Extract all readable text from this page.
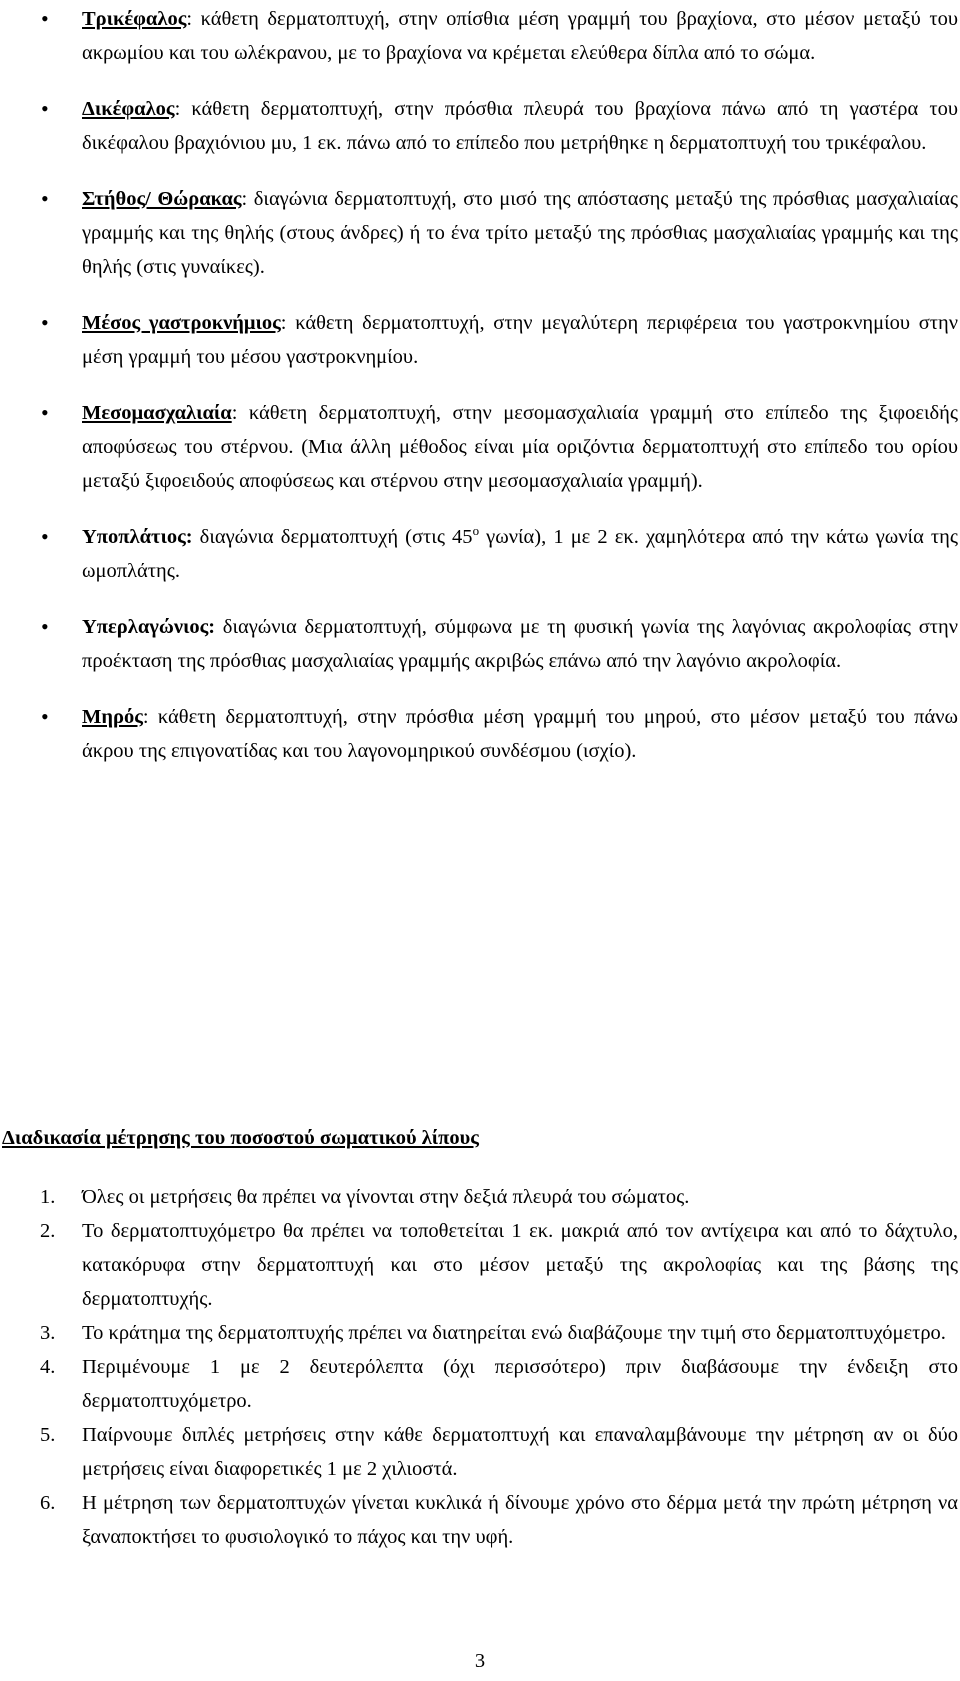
• Τρικέφαλος: κάθετη δερματοπτυχή, στην οπίσθια μέση γραμμή του βραχίονα, στο μέσον μεταξύ του ακρωμίου και του ωλέκρανου, με το βραχίονα να κρέμεται ελεύθερα δίπλα από το σώμα.
• Δικέφαλος: κάθετη δερματοπτυχή, στην πρόσθια πλευρά του βραχίονα πάνω από τη γαστέρα του δικέφαλου βραχιόνιου μυ, 1 εκ. πάνω από το επίπεδο που μετρήθηκε η δερματοπτυχή του τρικέφαλου.
• Στήθος/ Θώρακας: διαγώνια δερματοπτυχή, στο μισό της απόστασης μεταξύ της πρόσθιας μασχαλιαίας γραμμής και της θηλής (στους άνδρες) ή το ένα τρίτο μεταξύ της πρόσθιας μασχαλιαίας γραμμής και της θηλής (στις γυναίκες).
• Μέσος γαστροκνήμιος: κάθετη δερματοπτυχή, στην μεγαλύτερη περιφέρεια του γαστροκνημίου στην μέση γραμμή του μέσου γαστροκνημίου.
• Μεσομασχαλιαία: κάθετη δερματοπτυχή, στην μεσομασχαλιαία γραμμή στο επίπεδο της ξιφοειδής αποφύσεως του στέρνου. (Μια άλλη μέθοδος είναι μία οριζόντια δερματοπτυχή στο επίπεδο του ορίου μεταξύ ξιφοειδούς αποφύσεως και στέρνου στην μεσομασχαλιαία γραμμή).
• Υποπλάτιος: διαγώνια δερματοπτυχή (στις $45^o$ γωνία), 1 με 2 εκ. χαμηλότερα από την κάτω γωνία της ωμοπλάτης.
• Υπερλαγώνιος: διαγώνια δερματοπτυχή, σύμφωνα με τη φυσική γωνία της λαγόνιας ακρολοφίας στην προέκταση της πρόσθιας μασχαλιαίας γραμμής ακριβώς επάνω από την λαγόνιο ακρολοφία.
• Μηρός: κάθετη δερματοπτυχή, στην πρόσθια μέση γραμμή του μηρού, στο μέσον μεταξύ του πάνω άκρου της επιγονατίδας και του λαγονομηρικού συνδέσμου (ισχίο).
Διαδικασία μέτρησης του ποσοστού σωματικού λίπους
1. Όλες οι μετρήσεις θα πρέπει να γίνονται στην δεξιά πλευρά του σώματος.
2. Το δερματοπτυχόμετρο θα πρέπει να τοποθετείται 1 εκ. μακριά από τον αντίχειρα και από το δάχτυλο, κατακόρυφα στην δερματοπτυχή και στο μέσον μεταξύ της ακρολοφίας και της βάσης της δερματοπτυχής.
3. Το κράτημα της δερματοπτυχής πρέπει να διατηρείται ενώ διαβάζουμε την τιμή στο δερματοπτυχόμετρο.
4. Περιμένουμε 1 με 2 δευτερόλεπτα (όχι περισσότερο) πριν διαβάσουμε την ένδειξη στο δερματοπτυχόμετρο.
5. Παίρνουμε διπλές μετρήσεις στην κάθε δερματοπτυχή και επαναλαμβάνουμε την μέτρηση αν οι δύο μετρήσεις είναι διαφορετικές 1 με 2 χιλιοστά.
6. Η μέτρηση των δερματοπτυχών γίνεται κυκλικά ή δίνουμε χρόνο στο δέρμα μετά την πρώτη μέτρηση να ξαναποκτήσει το φυσιολογικό το πάχος και την υφή.
3
